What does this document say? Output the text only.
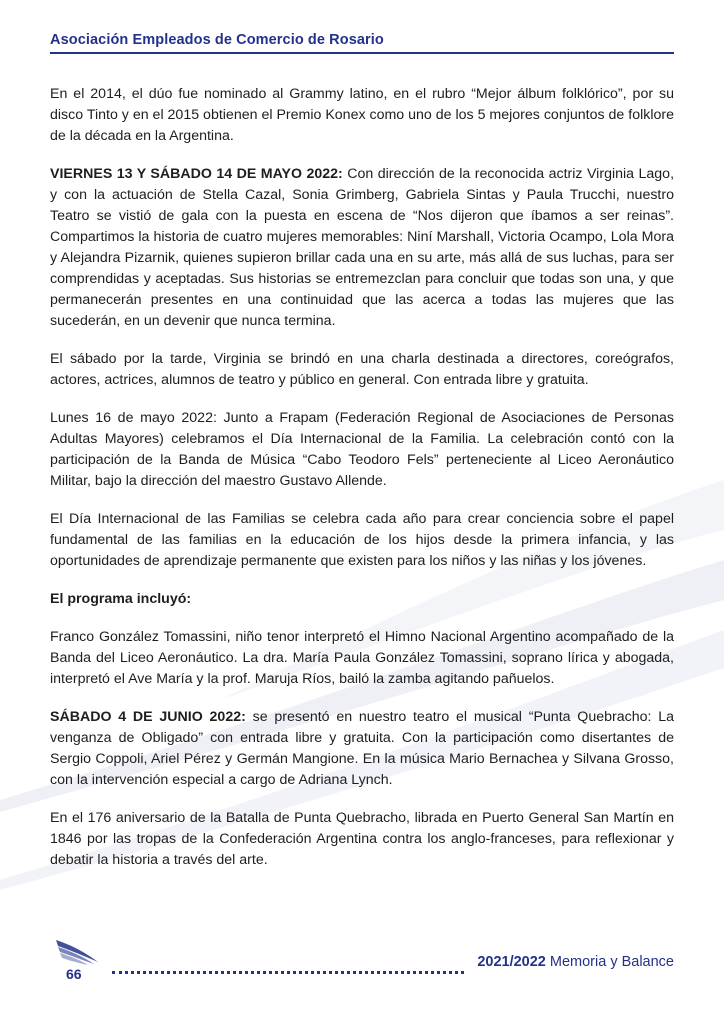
Asociación Empleados de Comercio de Rosario

En el 2014, el dúo fue nominado al Grammy latino, en el rubro “Mejor álbum folklórico”, por su disco Tinto y en el 2015 obtienen el Premio Konex como uno de los 5 mejores conjuntos de folklore de la década en la Argentina.

VIERNES 13 Y SÁBADO 14 DE MAYO 2022: Con dirección de la reconocida actriz Virginia Lago, y con la actuación de Stella Cazal, Sonia Grimberg, Gabriela Sintas y Paula Trucchi, nuestro Teatro se vistió de gala con la puesta en escena de “Nos dijeron que íbamos a ser reinas”. Compartimos la historia de cuatro mujeres memorables: Niní Marshall, Victoria Ocampo, Lola Mora y Alejandra Pizarnik, quienes supieron brillar cada una en su arte, más allá de sus luchas, para ser comprendidas y aceptadas. Sus historias se entremezclan para concluir que todas son una, y que permanecerán presentes en una continuidad que las acerca a todas las mujeres que las sucederán, en un devenir que nunca termina.

El sábado por la tarde, Virginia se brindó en una charla destinada a directores, coreógrafos, actores, actrices, alumnos de teatro y público en general. Con entrada libre y gratuita.

Lunes 16 de mayo 2022: Junto a Frapam (Federación Regional de Asociaciones de Personas Adultas Mayores) celebramos el Día Internacional de la Familia. La celebración contó con la participación de la Banda de Música “Cabo Teodoro Fels” perteneciente al Liceo Aeronáutico Militar, bajo la dirección del maestro Gustavo Allende.

El Día Internacional de las Familias se celebra cada año para crear conciencia sobre el papel fundamental de las familias en la educación de los hijos desde la primera infancia, y las oportunidades de aprendizaje permanente que existen para los niños y las niñas y los jóvenes.

El programa incluyó:

Franco González Tomassini, niño tenor interpretó el Himno Nacional Argentino acompañado de la Banda del Liceo Aeronáutico. La dra. María Paula González Tomassini, soprano lírica y abogada, interpretó el Ave María y la prof. Maruja Ríos, bailó la zamba agitando pañuelos.

SÁBADO 4 DE JUNIO 2022: se presentó en nuestro teatro el musical “Punta Quebracho: La venganza de Obligado” con entrada libre y gratuita. Con la participación como disertantes de Sergio Coppoli, Ariel Pérez y Germán Mangione. En la música Mario Bernachea y Silvana Grosso, con la intervención especial a cargo de Adriana Lynch.

En el 176 aniversario de la Batalla de Punta Quebracho, librada en Puerto General San Martín en 1846 por las tropas de la Confederación Argentina contra los anglo-franceses, para reflexionar y debatir la historia a través del arte.

66
2021/2022 Memoria y Balance
